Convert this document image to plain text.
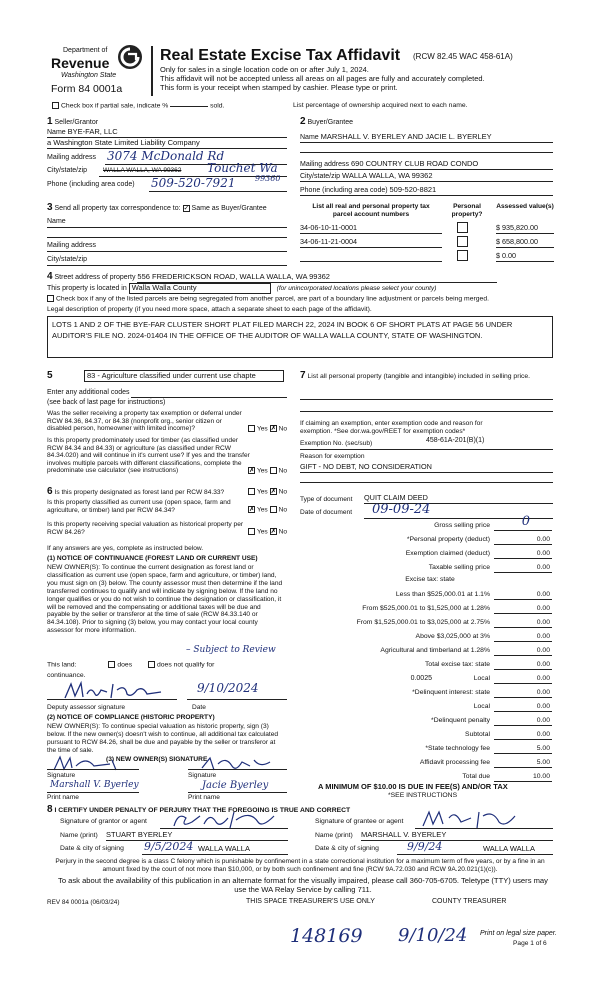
Department of
Revenue
Washington State
Form 84 0001a
Real Estate Excise Tax Affidavit (RCW 82.45 WAC 458-61A)
Only for sales in a single location code on or after July 1, 2024.
This affidavit will not be accepted unless all areas on all pages are fully and accurately completed.
This form is your receipt when stamped by cashier. Please type or print.
Check box if partial sale, indicate %	sold.	List percentage of ownership acquired next to each name.
1 Seller/Grantor
Name BYE-FAR, LLC
a Washington State Limited Liability Company
Mailing address 3074 McDonald Rd
City/state/zip WALLA WALLA, WA 99362 Touchet Wa
Phone (including area code) 509-520-7921 99360
2 Buyer/Grantee
Name MARSHALL V. BYERLEY AND JACIE L. BYERLEY
Mailing address 690 COUNTRY CLUB ROAD CONDO
City/state/zip WALLA WALLA, WA 99362
Phone (including area code) 509-520-8821
3 Send all property tax correspondence to: ✓ Same as Buyer/Grantee
Name
Mailing address
City/state/zip
List all real and personal property tax parcel account numbers
Personal property?
Assessed value(s)
34-06-10-11-0001	$ 935,820.00
34-06-11-21-0004	$ 658,800.00
$ 0.00
4 Street address of property 556 FREDERICKSON ROAD, WALLA WALLA, WA 99362
This property is located in Walla Walla County	(for unincorporated locations please select your county)
Check box if any of the listed parcels are being segregated from another parcel, are part of a boundary line adjustment or parcels being merged.
Legal description of property (if you need more space, attach a separate sheet to each page of the affidavit).
LOTS 1 AND 2 OF THE BYE-FAR CLUSTER SHORT PLAT FILED MARCH 22, 2024 IN BOOK 6 OF SHORT PLATS AT PAGE 56 UNDER AUDITOR'S FILE NO. 2024-01404 IN THE OFFICE OF THE AUDITOR OF WALLA WALLA COUNTY, STATE OF WASHINGTON.
5	83 - Agriculture classified under current use chapte
Enter any additional codes
(see back of last page for instructions)
Was the seller receiving a property tax exemption or deferral under RCW 84.36, 84.37, or 84.38 (nonprofit org., senior citizen or disabled person, homeowner with limited income)?	Yes ✗ No
Is this property predominately used for timber (as classified under RCW 84.34 and 84.33) or agriculture (as classified under RCW 84.34.020) and will continue in it's current use? If yes and the transfer involves multiple parcels with different classifications, complete the predominate use calculator (see instructions)	✗ Yes No
6 Is this property designated as forest land per RCW 84.33?	Yes ✗ No
Is this property classified as current use (open space, farm and agriculture, or timber) land per RCW 84.34?	✗ Yes No
Is this property receiving special valuation as historical property per RCW 84.26?	Yes ✗ No
If any answers are yes, complete as instructed below.
(1) NOTICE OF CONTINUANCE (FOREST LAND OR CURRENT USE)
NEW OWNER(S): To continue the current designation as forest land or classification as current use (open space, farm and agriculture, or timber) land, you must sign on (3) below. The county assessor must then determine if the land transferred continues to qualify and will indicate by signing below. If the land no longer qualifies or you do not wish to continue the designation or classification, it will be removed and the compensating or additional taxes will be due and payable by the seller or transferor at the time of sale (RCW 84.33.140 or 84.34.108). Prior to signing (3) below, you may contact your local county assessor for more information.
– Subject to Review
This land:	does	does not qualify for
continuance.
9/10/2024
Deputy assessor signature	Date
(2) NOTICE OF COMPLIANCE (HISTORIC PROPERTY)
NEW OWNER(S): To continue special valuation as historic property, sign (3) below. If the new owner(s) doesn't wish to continue, all additional tax calculated pursuant to RCW 84.26, shall be due and payable by the seller or transferor at the time of sale.
(3) NEW OWNER(S) SIGNATURE
Signature	Signature
Marshall V. Byerley	Jacie Byerley
Print name	Print name
7 List all personal property (tangible and intangible) included in selling price.
If claiming an exemption, enter exemption code and reason for exemption. *See dor.wa.gov/REET for exemption codes*
Exemption No. (sec/sub)	458-61A-201(B)(1)
Reason for exemption
GIFT - NO DEBT, NO CONSIDERATION
Type of document QUIT CLAIM DEED
Date of document 09-09-24
Gross selling price 0
*Personal property (deduct)	0.00
Exemption claimed (deduct)	0.00
Taxable selling price	0.00
Excise tax: state
Less than $525,000.01 at 1.1%	0.00
From $525,000.01 to $1,525,000 at 1.28%	0.00
From $1,525,000.01 to $3,025,000 at 2.75%	0.00
Above $3,025,000 at 3%	0.00
Agricultural and timberland at 1.28%	0.00
Total excise tax: state	0.00
0.0025	Local	0.00
*Delinquent interest: state	0.00
Local	0.00
*Delinquent penalty	0.00
Subtotal	0.00
*State technology fee	5.00
Affidavit processing fee	5.00
Total due	10.00
A MINIMUM OF $10.00 IS DUE IN FEE(S) AND/OR TAX
*SEE INSTRUCTIONS
8 I CERTIFY UNDER PENALTY OF PERJURY THAT THE FOREGOING IS TRUE AND CORRECT
Signature of grantor or agent	Signature of grantee or agent
Name (print) STUART BYERLEY	Name (print) MARSHALL V. BYERLEY
Date & city of signing 9/5/2024 WALLA WALLA	Date & city of signing	9/9/24	WALLA WALLA
Perjury in the second degree is a class C felony which is punishable by confinement in a state correctional institution for a maximum term of five years, or by a fine in an amount fixed by the court of not more than $10,000, or by both such confinement and fine (RCW 9A.72.030 and RCW 9A.20.021(1)(c)).
To ask about the availability of this publication in an alternate format for the visually impaired, please call 360-705-6705. Teletype (TTY) users may use the WA Relay Service by calling 711.
REV 84 0001a (06/03/24)	THIS SPACE TREASURER'S USE ONLY	COUNTY TREASURER
148169 9/10/24 Print on legal size paper.
Page 1 of 6
